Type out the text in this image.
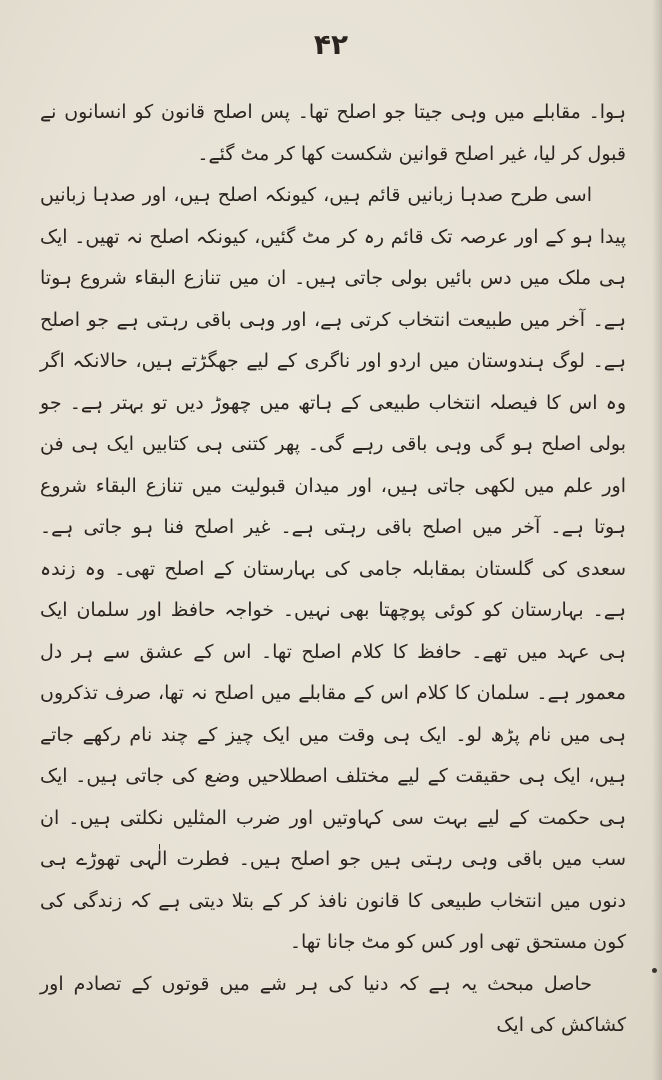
۴۲

ہوا۔ مقابلے میں وہی جیتا جو اصلح تھا۔ پس اصلح قانون کو انسانوں نے قبول کر لیا، غیر اصلح قوانین شکست کھا کر مٹ گئے۔

اسی طرح صدہا زبانیں قائم ہیں، کیونکہ اصلح ہیں، اور صدہا زبانیں پیدا ہو کے اور عرصہ تک قائم رہ کر مٹ گئیں، کیونکہ اصلح نہ تھیں۔ ایک ہی ملک میں دس بائیں بولی جاتی ہیں۔ ان میں تنازع البقاء شروع ہوتا ہے۔ آخر میں طبیعت انتخاب کرتی ہے، اور وہی باقی رہتی ہے جو اصلح ہے۔ لوگ ہندوستان میں اردو اور ناگری کے لیے جھگڑتے ہیں، حالانکہ اگر وہ اس کا فیصلہ انتخاب طبیعی کے ہاتھ میں چھوڑ دیں تو بہتر ہے۔ جو بولی اصلح ہو گی وہی باقی رہے گی۔ پھر کتنی ہی کتابیں ایک ہی فن اور علم میں لکھی جاتی ہیں، اور میدان قبولیت میں تنازع البقاء شروع ہوتا ہے۔ آخر میں اصلح باقی رہتی ہے۔ غیر اصلح فنا ہو جاتی ہے۔ سعدی کی گلستان بمقابلہ جامی کی بہارستان کے اصلح تھی۔ وہ زندہ ہے۔ بہارستان کو کوئی پوچھتا بھی نہیں۔ خواجہ حافظ اور سلمان ایک ہی عہد میں تھے۔ حافظ کا کلام اصلح تھا۔ اس کے عشق سے ہر دل معمور ہے۔ سلمان کا کلام اس کے مقابلے میں اصلح نہ تھا، صرف تذکروں ہی میں نام پڑھ لو۔ ایک ہی وقت میں ایک چیز کے چند نام رکھے جاتے ہیں، ایک ہی حقیقت کے لیے مختلف اصطلاحیں وضع کی جاتی ہیں۔ ایک ہی حکمت کے لیے بہت سی کہاوتیں اور ضرب المثلیں نکلتی ہیں۔ ان سب میں باقی وہی رہتی ہیں جو اصلح ہیں۔ فطرت الٰہی تھوڑے ہی دنوں میں انتخاب طبیعی کا قانون نافذ کر کے بتلا دیتی ہے کہ زندگی کی کون مستحق تھی اور کس کو مٹ جانا تھا۔

حاصل مبحث یہ ہے کہ دنیا کی ہر شے میں قوتوں کے تصادم اور کشاکش کی ایک
